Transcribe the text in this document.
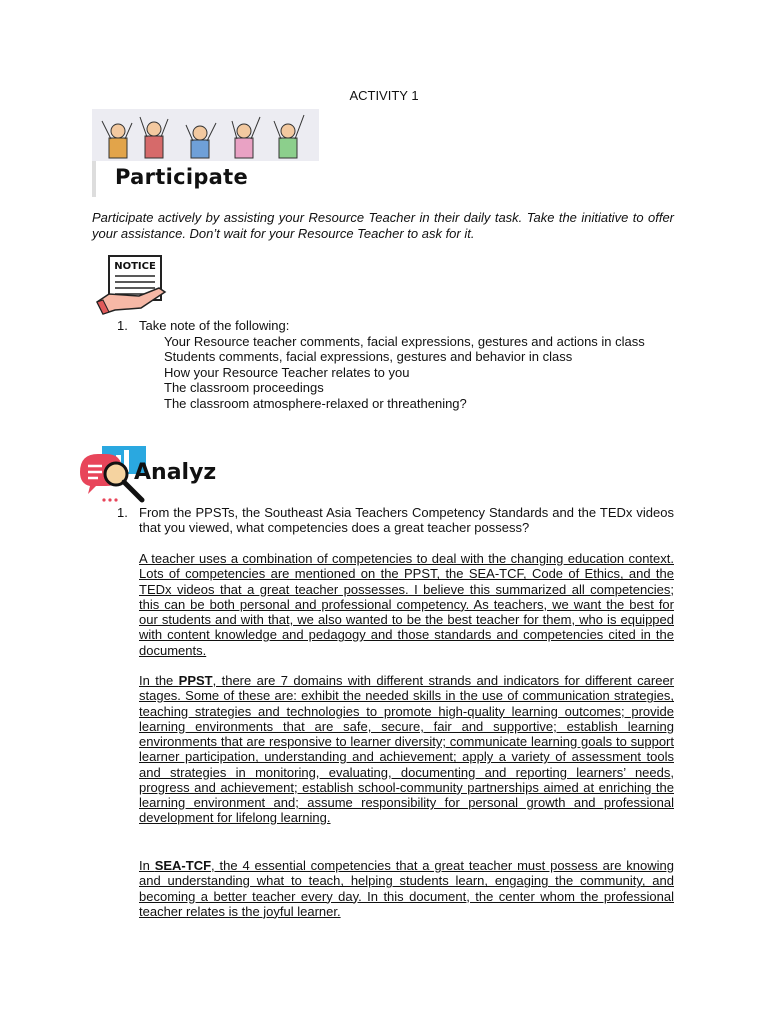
ACTIVITY 1
Participate
Participate actively by assisting your Resource Teacher in their daily task. Take the initiative to offer your assistance. Don’t wait for your Resource Teacher to ask for it.
NOTICE
1. Take note of the following:
Your Resource teacher comments, facial expressions, gestures and actions in class
Students comments, facial expressions, gestures and behavior in class
How your Resource Teacher relates to you
The classroom proceedings
The classroom atmosphere-relaxed or threathening?
Analyz
1. From the PPSTs, the Southeast Asia Teachers Competency Standards and the TEDx videos that you viewed, what competencies does a great teacher possess?
A teacher uses a combination of competencies to deal with the changing education context. Lots of competencies are mentioned on the PPST, the SEA-TCF, Code of Ethics, and the TEDx videos that a great teacher possesses. I believe this summarized all competencies; this can be both personal and professional competency. As teachers, we want the best for our students and with that, we also wanted to be the best teacher for them, who is equipped with content knowledge and pedagogy and those standards and competencies cited in the documents.
In the PPST, there are 7 domains with different strands and indicators for different career stages. Some of these are: exhibit the needed skills in the use of communication strategies, teaching strategies and technologies to promote high-quality learning outcomes; provide learning environments that are safe, secure, fair and supportive; establish learning environments that are responsive to learner diversity; communicate learning goals to support learner participation, understanding and achievement; apply a variety of assessment tools and strategies in monitoring, evaluating, documenting and reporting learners’ needs, progress and achievement; establish school-community partnerships aimed at enriching the learning environment and; assume responsibility for personal growth and professional development for lifelong learning.
In SEA-TCF, the 4 essential competencies that a great teacher must possess are knowing and understanding what to teach, helping students learn, engaging the community, and becoming a better teacher every day. In this document, the center whom the professional teacher relates is the joyful learner.
